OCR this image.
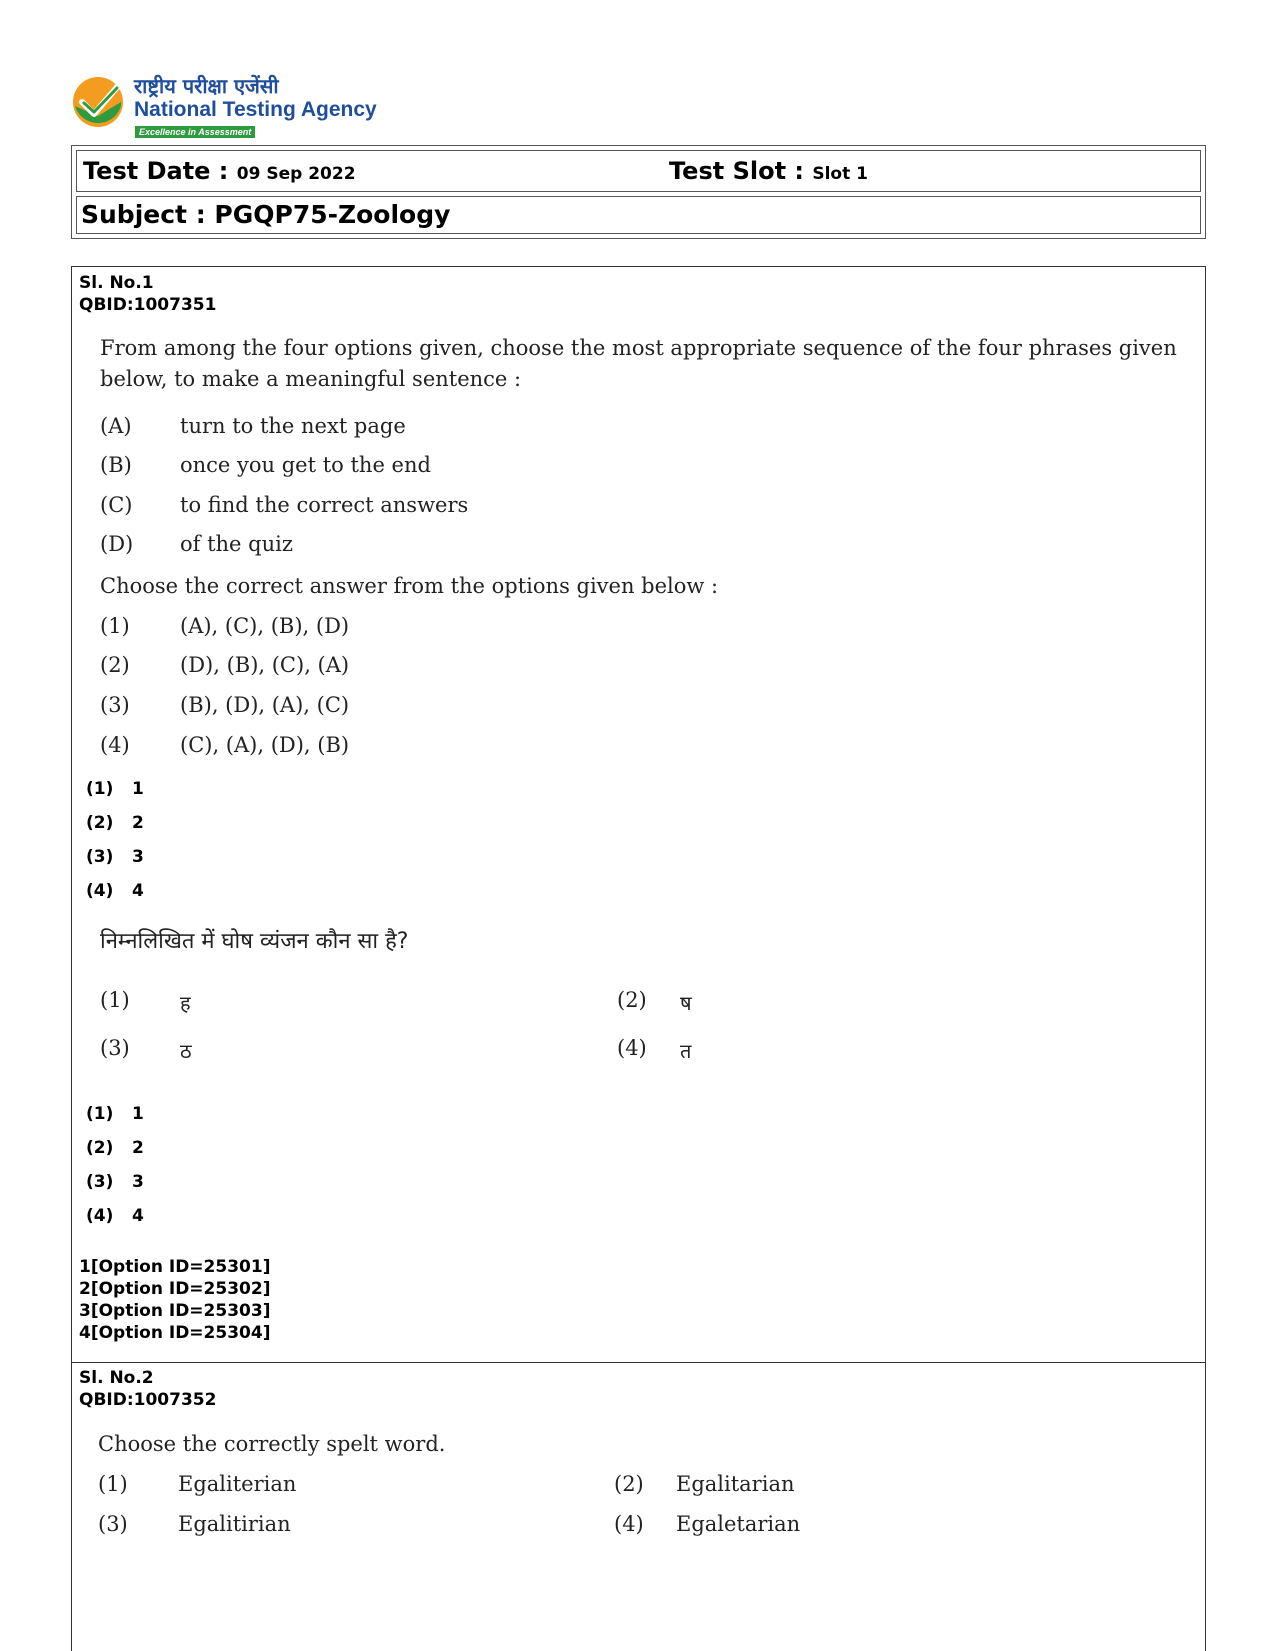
राष्ट्रीय परीक्षा एजेंसी
National Testing Agency
Excellence in Assessment
Test Date : 09 Sep 2022	Test Slot : Slot 1
Subject : PGQP75-Zoology
Sl. No.1
QBID:1007351
From among the four options given, choose the most appropriate sequence of the four phrases given below, to make a meaningful sentence :
(A) turn to the next page
(B) once you get to the end
(C) to find the correct answers
(D) of the quiz
Choose the correct answer from the options given below :
(1) (A), (C), (B), (D)
(2) (D), (B), (C), (A)
(3) (B), (D), (A), (C)
(4) (C), (A), (D), (B)
(1) 1
(2) 2
(3) 3
(4) 4
निम्नलिखित में घोष व्यंजन कौन सा है?
(1)	ह	(2) ष
(3)	ठ	(4) त
(1) 1
(2) 2
(3) 3
(4) 4
1[Option ID=25301]
2[Option ID=25302]
3[Option ID=25303]
4[Option ID=25304]
Sl. No.2
QBID:1007352
Choose the correctly spelt word.
(1) Egaliterian	(2) Egalitarian
(3) Egalitirian	(4) Egaletarian
